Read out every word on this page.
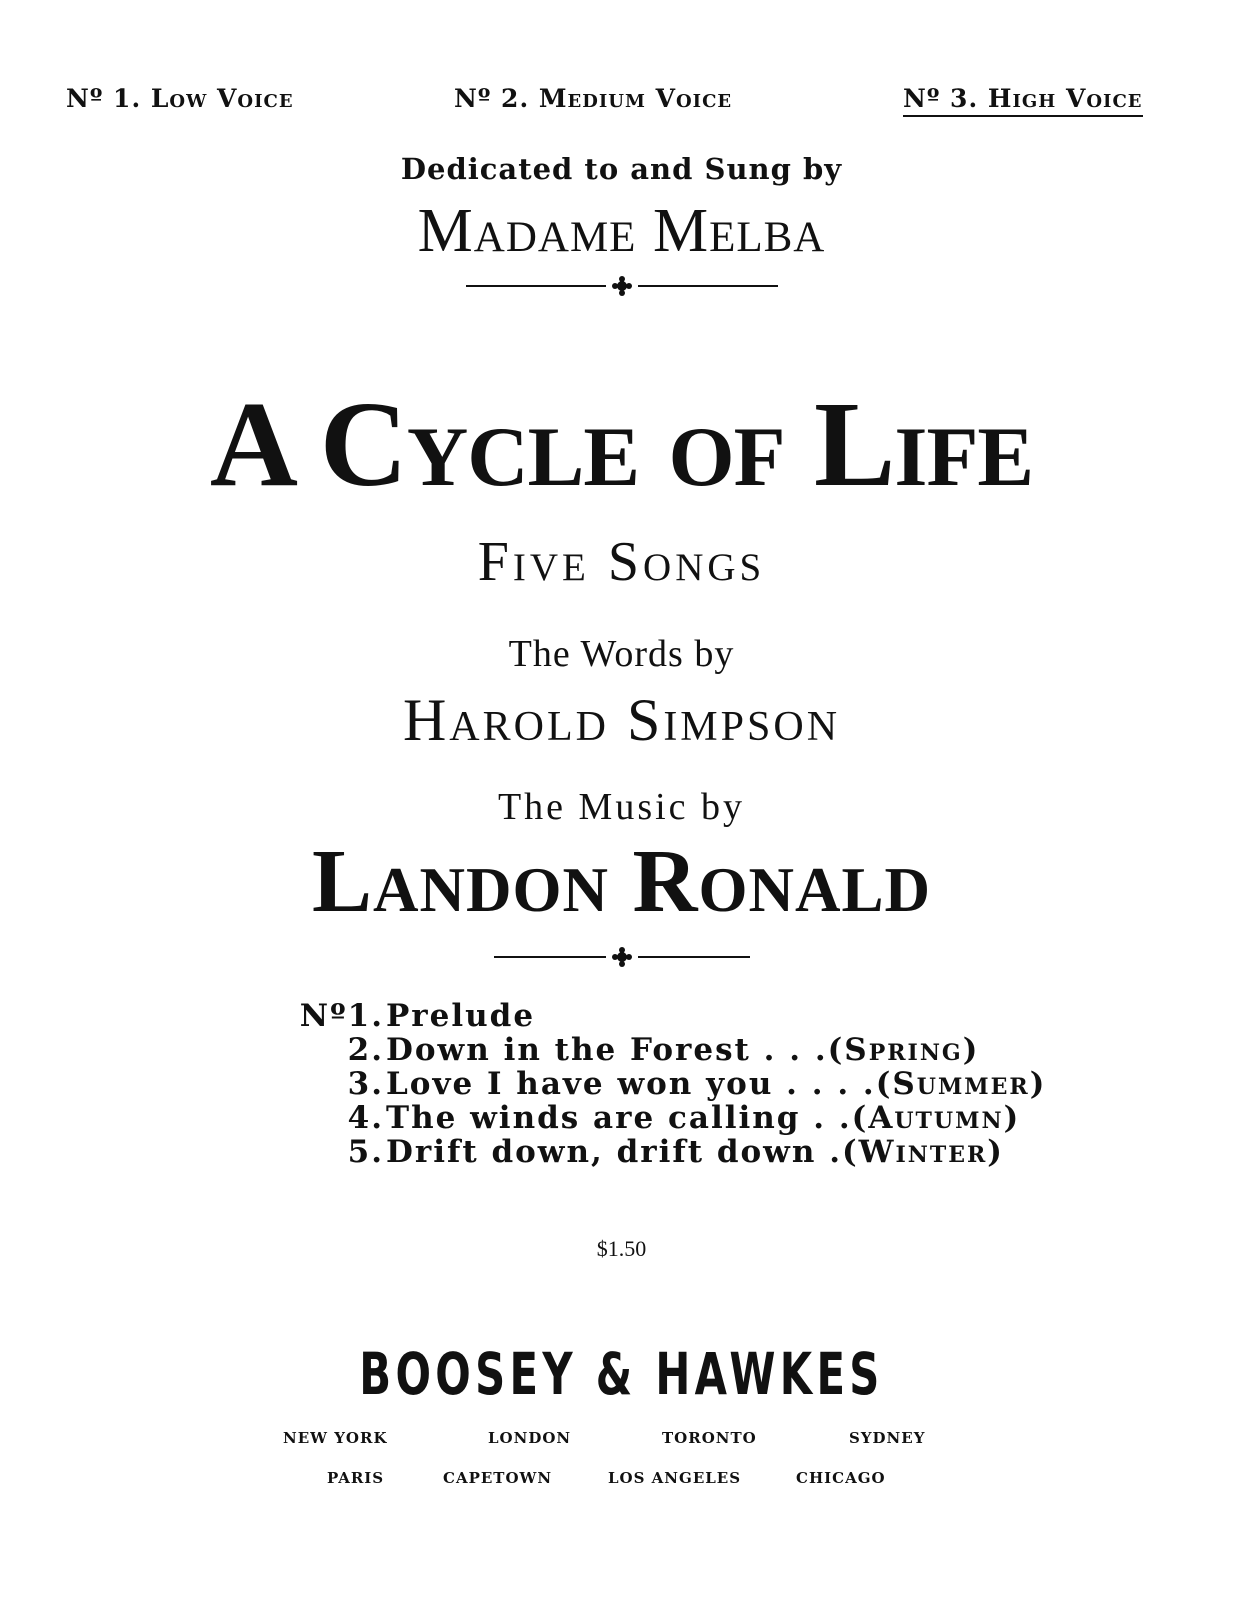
Nº 1. Low Voice	Nº 2. Medium Voice	Nº 3. High Voice
Dedicated to and Sung by
Madame Melba
A Cycle of Life
Five Songs
The Words by
Harold Simpson
The Music by
Landon Ronald
Nº1. Prelude
2. Down in the Forest . . . (Spring)
3. Love I have won you . . . . (Summer)
4. The winds are calling . . (Autumn)
5. Drift down, drift down . (Winter)
$1.50
BOOSEY & HAWKES
NEW YORK	LONDON	TORONTO	SYDNEY
PARIS	CAPETOWN	LOS ANGELES	CHICAGO
